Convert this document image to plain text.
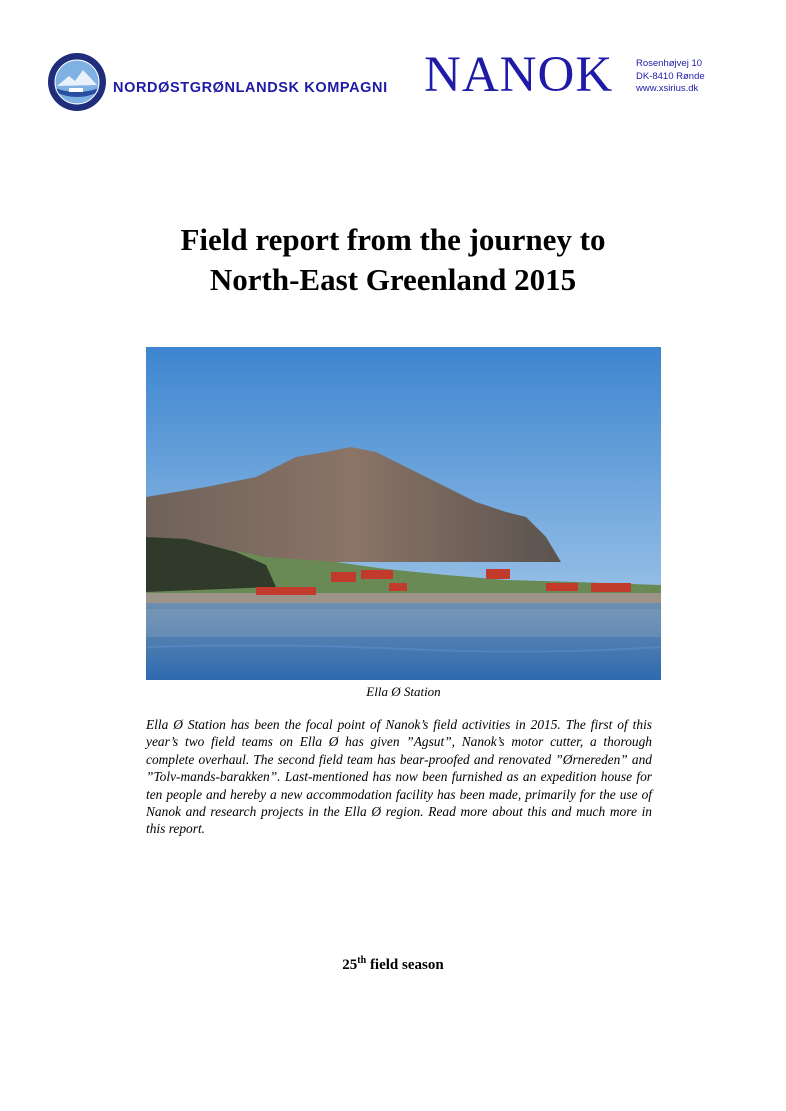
NORDØSTGRØNLANDSK KOMPAGNI NANOK Rosenhøjvej 10
DK-8410 Rønde
www.xsirius.dk
Field report from the journey to
North-East Greenland 2015
Ella Ø Station

Ella Ø Station has been the focal point of Nanok’s field activities in 2015. The first of this year’s two field teams on Ella Ø has given ”Agsut”, Nanok’s motor cutter, a thorough complete overhaul. The second field team has bear-proofed and renovated ”Ørnereden” and ”Tolv-mands-barakken”. Last-mentioned has now been furnished as an expedition house for ten people and hereby a new accommodation facility has been made, primarily for the use of Nanok and research projects in the Ella Ø region. Read more about this and much more in this report.

25th field season
